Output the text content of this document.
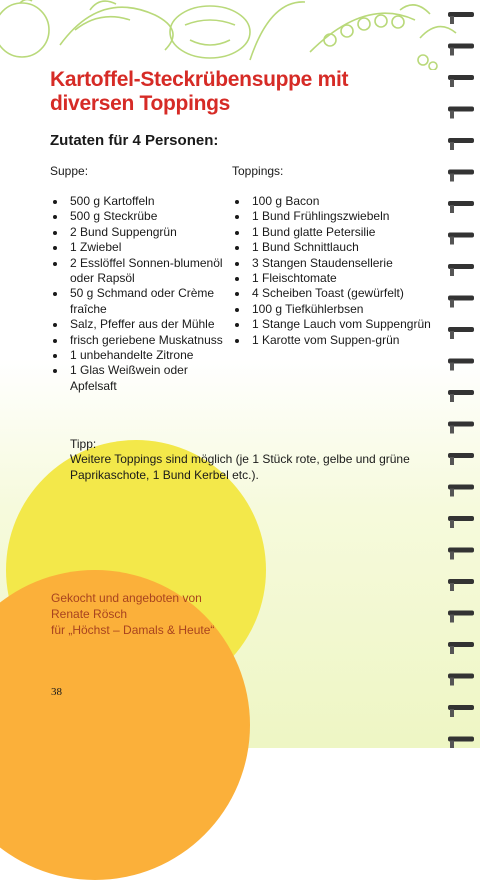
Kartoffel-Steckrübensuppe mit diversen Toppings
Zutaten für 4 Personen:
Suppe:
500 g Kartoffeln
500 g Steckrübe
2 Bund Suppengrün
1 Zwiebel
2 Esslöffel Sonnen-blumenöl oder Rapsöl
50 g Schmand oder Crème fraîche
Salz, Pfeffer aus der Mühle
frisch geriebene Muskatnuss
1 unbehandelte Zitrone
1 Glas Weißwein oder Apfelsaft
Toppings:
100 g Bacon
1 Bund Frühlingszwiebeln
1 Bund glatte Petersilie
1 Bund Schnittlauch
3 Stangen Staudensellerie
1 Fleischtomate
4 Scheiben Toast (gewürfelt)
100 g Tiefkühlerbsen
1 Stange Lauch vom Suppengrün
1 Karotte vom Suppen-grün
Tipp:
Weitere Toppings sind möglich (je 1 Stück rote, gelbe und grüne Paprikaschote, 1 Bund Kerbel etc.).
Gekocht und angeboten von
Renate Rösch
für „Höchst – Damals & Heute“
38
